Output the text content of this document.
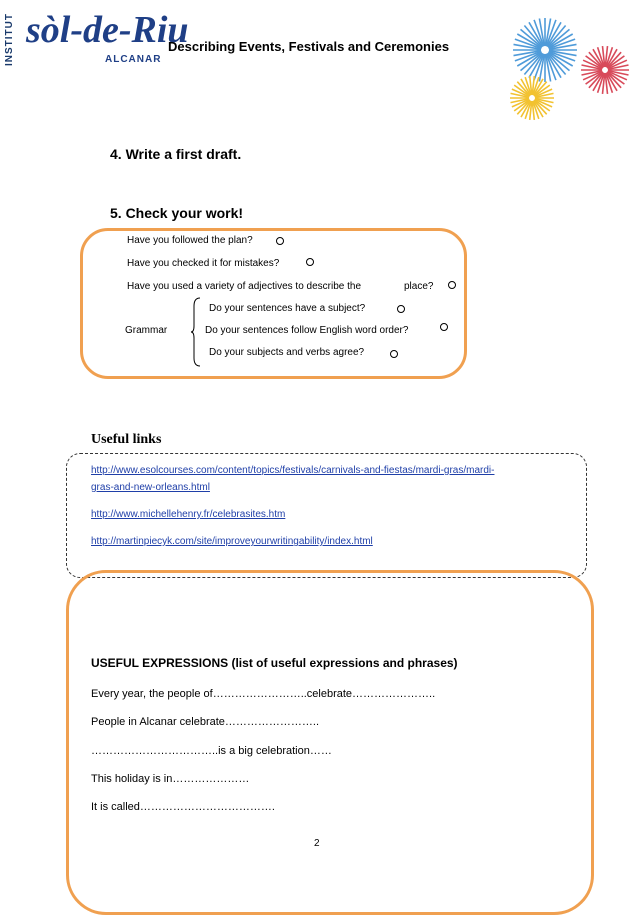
INSTITUT sòl-de-Riu
ALCANAR
Describing Events, Festivals and Ceremonies
4. Write a first draft.
5. Check your work!
Have you followed the plan?
Have you checked it for mistakes?
Have you used a variety of adjectives to describe the	place?
Grammar
Do your sentences have a subject?
Do your sentences follow English word order?
Do your subjects and verbs agree?
Useful links
http://www.esolcourses.com/content/topics/festivals/carnivals-and-fiestas/mardi-gras/mardi-
gras-and-new-orleans.html
http://www.michellehenry.fr/celebrasites.htm
http://martinpiecyk.com/site/improveyourwritingability/index.html
USEFUL EXPRESSIONS (list of useful expressions and phrases)
Every year, the people of……………………..celebrate…………………..
People in Alcanar celebrate……………………..
……………………………..is a big celebration……
This holiday is in…………………
It is called……………………………….
2
